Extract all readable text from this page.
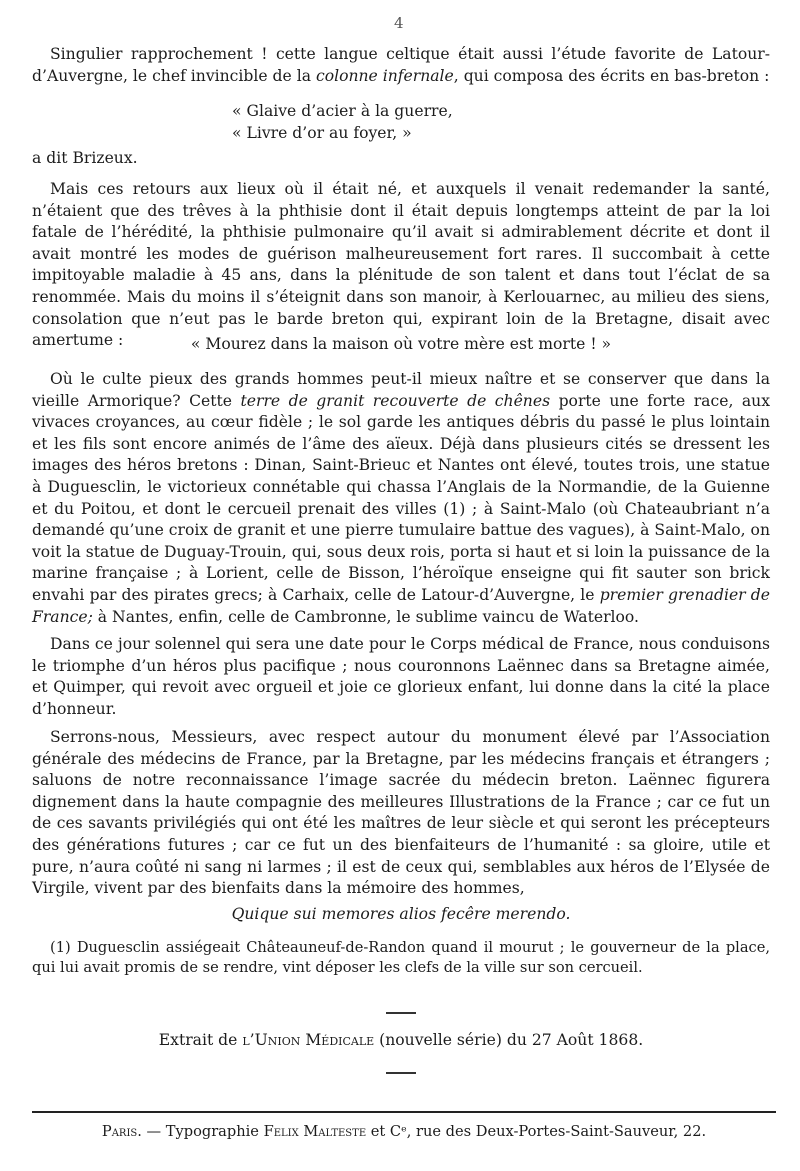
4

Singulier rapprochement ! cette langue celtique était aussi l’étude favorite de Latour-d’Auvergne, le chef invincible de la colonne infernale, qui composa des écrits en bas-breton :

« Glaive d’acier à la guerre,

« Livre d’or au foyer, »

a dit Brizeux.

Mais ces retours aux lieux où il était né, et auxquels il venait redemander la santé, n’étaient que des trêves à la phthisie dont il était depuis longtemps atteint de par la loi fatale de l’hérédité, la phthisie pulmonaire qu’il avait si admirablement décrite et dont il avait montré les modes de guérison malheureusement fort rares. Il succombait à cette impitoyable maladie à 45 ans, dans la plénitude de son talent et dans tout l’éclat de sa renommée. Mais du moins il s’éteignit dans son manoir, à Kerlouarnec, au milieu des siens, consolation que n’eut pas le barde breton qui, expirant loin de la Bretagne, disait avec amertume :	« Mourez dans la maison où votre mère est morte ! »

Où le culte pieux des grands hommes peut-il mieux naître et se conserver que dans la vieille Armorique? Cette terre de granit recouverte de chênes porte une forte race, aux vivaces croyances, au cœur fidèle ; le sol garde les antiques débris du passé le plus lointain et les fils sont encore animés de l’âme des aïeux. Déjà dans plusieurs cités se dressent les images des héros bretons : Dinan, Saint-Brieuc et Nantes ont élevé, toutes trois, une statue à Duguesclin, le victorieux connétable qui chassa l’Anglais de la Normandie, de la Guienne et du Poitou, et dont le cercueil prenait des villes (1) ; à Saint-Malo (où Chateaubriant n’a demandé qu’une croix de granit et une pierre tumulaire battue des vagues), à Saint-Malo, on voit la statue de Duguay-Trouin, qui, sous deux rois, porta si haut et si loin la puissance de la marine française ; à Lorient, celle de Bisson, l’héroïque enseigne qui fit sauter son brick envahi par des pirates grecs; à Carhaix, celle de Latour-d’Auvergne, le premier grenadier de France; à Nantes, enfin, celle de Cambronne, le sublime vaincu de Waterloo.

Dans ce jour solennel qui sera une date pour le Corps médical de France, nous conduisons le triomphe d’un héros plus pacifique ; nous couronnons Laënnec dans sa Bretagne aimée, et Quimper, qui revoit avec orgueil et joie ce glorieux enfant, lui donne dans la cité la place d’honneur.

Serrons-nous, Messieurs, avec respect autour du monument élevé par l’Association générale des médecins de France, par la Bretagne, par les médecins français et étrangers ; saluons de notre reconnaissance l’image sacrée du médecin breton. Laënnec figurera dignement dans la haute compagnie des meilleures Illustrations de la France ; car ce fut un de ces savants privilégiés qui ont été les maîtres de leur siècle et qui seront les précepteurs des générations futures ; car ce fut un des bienfaiteurs de l’humanité : sa gloire, utile et pure, n’aura coûté ni sang ni larmes ; il est de ceux qui, semblables aux héros de l’Elysée de Virgile, vivent par des bienfaits dans la mémoire des hommes,

Quique sui memores alios fecêre merendo.

(1) Duguesclin assiégeait Châteauneuf-de-Randon quand il mourut ; le gouverneur de la place, qui lui avait promis de se rendre, vint déposer les clefs de la ville sur son cercueil.

Extrait de l’Union Médicale (nouvelle série) du 27 Août 1868.

Paris. — Typographie Felix Malteste et Cᵉ, rue des Deux-Portes-Saint-Sauveur, 22.
